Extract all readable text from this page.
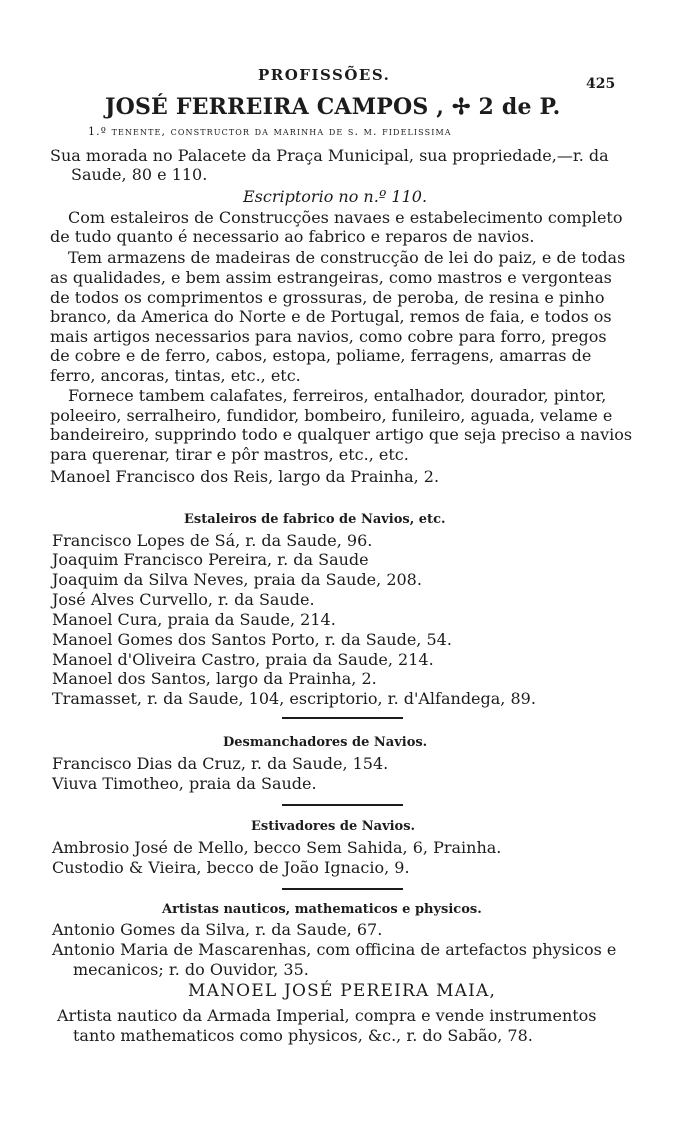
PROFISSÕES.	425
JOSÉ FERREIRA CAMPOS , ✢ 2 de P.
1.º tenente, constructor da marinha de s. m. fidelissima
Sua morada no Palacete da Praça Municipal, sua propriedade,—r. da
Saude, 80 e 110.
Escriptorio no n.º 110.
Com estaleiros de Construcções navaes e estabelecimento completo
de tudo quanto é necessario ao fabrico e reparos de navios.
Tem armazens de madeiras de construcção de lei do paiz, e de todas
as qualidades, e bem assim estrangeiras, como mastros e vergonteas
de todos os comprimentos e grossuras, de peroba, de resina e pinho
branco, da America do Norte e de Portugal, remos de faia, e todos os
mais artigos necessarios para navios, como cobre para forro, pregos
de cobre e de ferro, cabos, estopa, poliame, ferragens, amarras de
ferro, ancoras, tintas, etc., etc.
Fornece tambem calafates, ferreiros, entalhador, dourador, pintor,
poleeiro, serralheiro, fundidor, bombeiro, funileiro, aguada, velame e
bandeireiro, supprindo todo e qualquer artigo que seja preciso a navios
para querenar, tirar e pôr mastros, etc., etc.
Manoel Francisco dos Reis, largo da Prainha, 2.
Estaleiros de fabrico de Navios, etc.
Francisco Lopes de Sá, r. da Saude, 96.
Joaquim Francisco Pereira, r. da Saude
Joaquim da Silva Neves, praia da Saude, 208.
José Alves Curvello, r. da Saude.
Manoel Cura, praia da Saude, 214.
Manoel Gomes dos Santos Porto, r. da Saude, 54.
Manoel d'Oliveira Castro, praia da Saude, 214.
Manoel dos Santos, largo da Prainha, 2.
Tramasset, r. da Saude, 104, escriptorio, r. d'Alfandega, 89.
Desmanchadores de Navios.
Francisco Dias da Cruz, r. da Saude, 154.
Viuva Timotheo, praia da Saude.
Estivadores de Navios.
Ambrosio José de Mello, becco Sem Sahida, 6, Prainha.
Custodio & Vieira, becco de João Ignacio, 9.
Artistas nauticos, mathematicos e physicos.
Antonio Gomes da Silva, r. da Saude, 67.
Antonio Maria de Mascarenhas, com officina de artefactos physicos e
mecanicos; r. do Ouvidor, 35.
MANOEL JOSÉ PEREIRA MAIA,
Artista nautico da Armada Imperial, compra e vende instrumentos
tanto mathematicos como physicos, &c., r. do Sabão, 78.
